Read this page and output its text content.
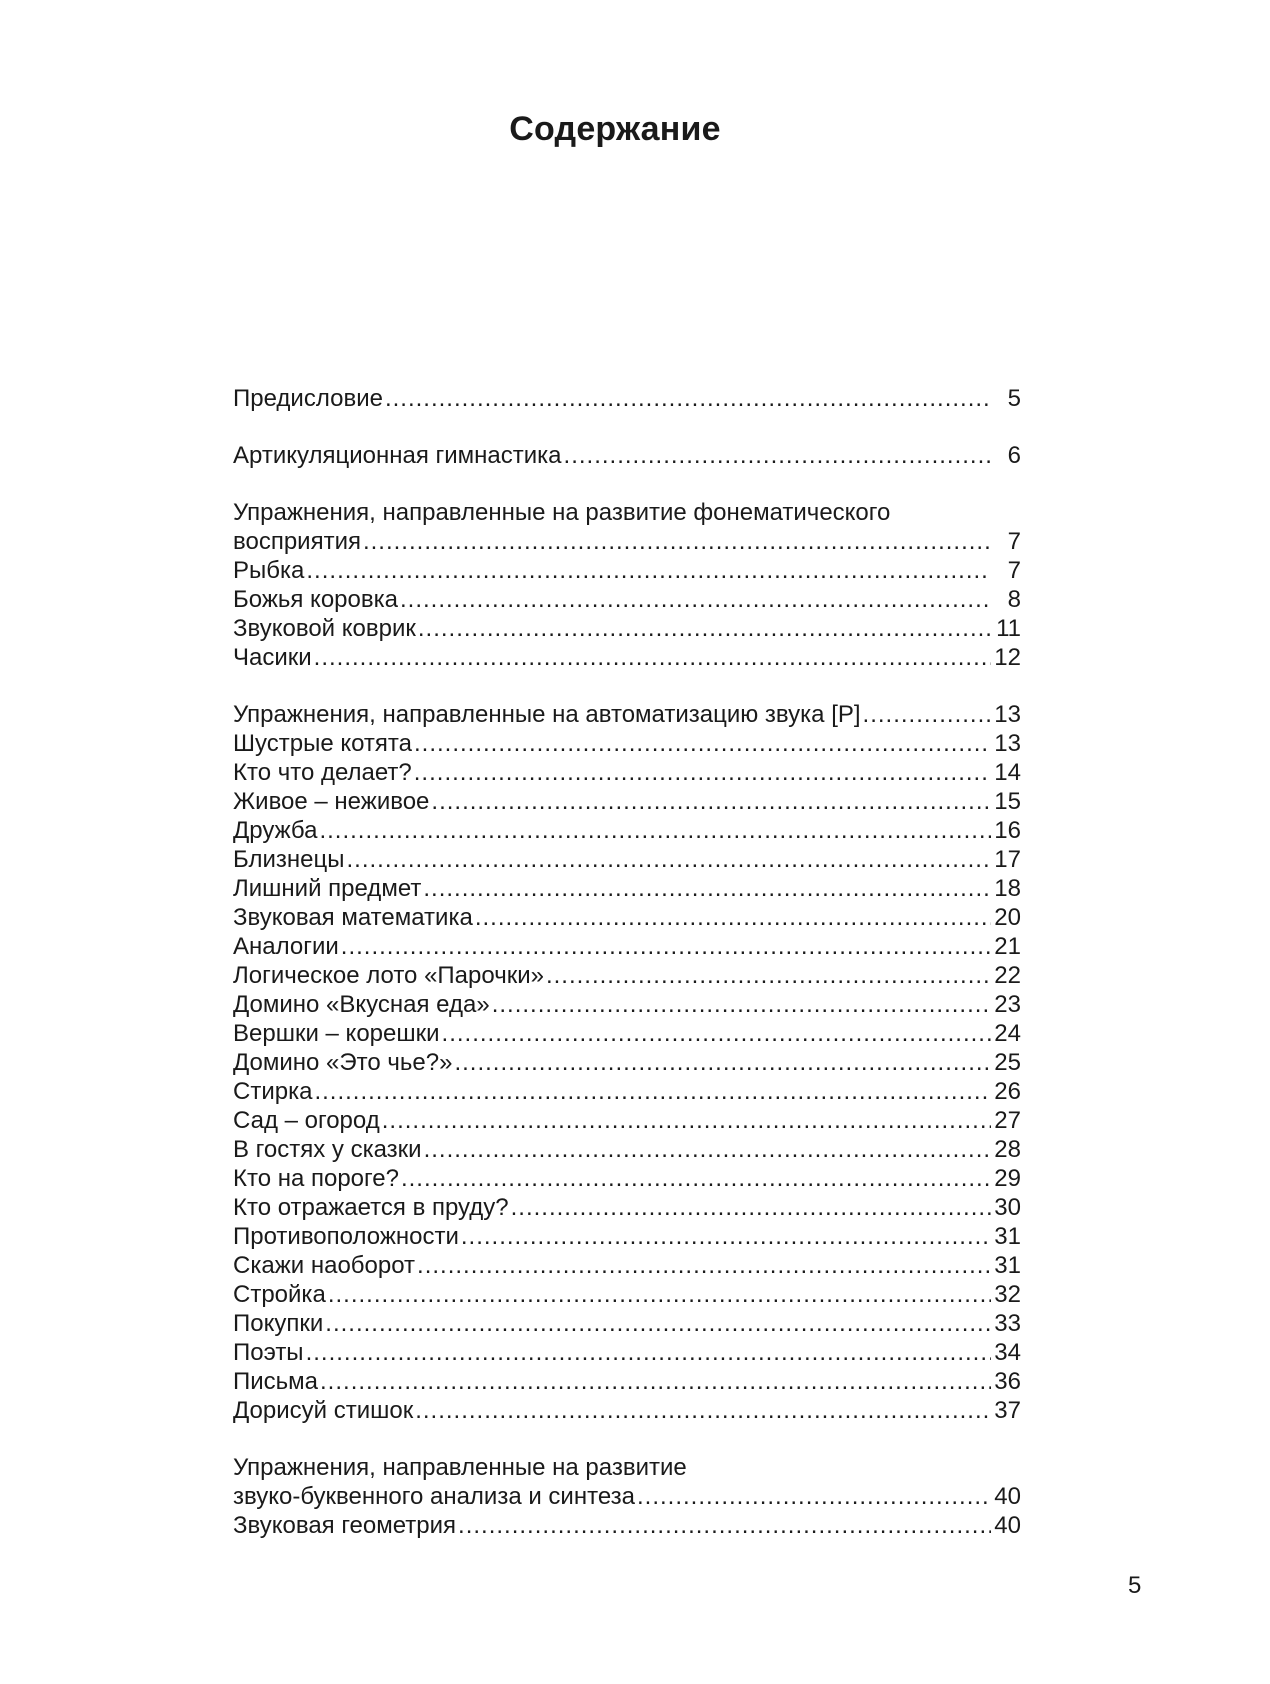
Содержание
Предисловие .....	5
Артикуляционная гимнастика .....	6
Упражнения, направленные на развитие фонематического
восприятия .....	7
Рыбка .....	7
Божья коровка .....	8
Звуковой коврик .....	11
Часики .....	12
Упражнения, направленные на автоматизацию звука [Р] .....	13
Шустрые котята .....	13
Кто что делает? .....	14
Живое – неживое .....	15
Дружба .....	16
Близнецы .....	17
Лишний предмет .....	18
Звуковая математика .....	20
Аналогии .....	21
Логическое лото «Парочки» .....	22
Домино «Вкусная еда» .....	23
Вершки – корешки .....	24
Домино «Это чье?» .....	25
Стирка .....	26
Сад – огород .....	27
В гостях у сказки .....	28
Кто на пороге? .....	29
Кто отражается в пруду? .....	30
Противоположности .....	31
Скажи наоборот .....	31
Стройка .....	32
Покупки .....	33
Поэты .....	34
Письма .....	36
Дорисуй стишок .....	37
Упражнения, направленные на развитие
звуко-буквенного анализа и синтеза .....	40
Звуковая геометрия .....	40
5
